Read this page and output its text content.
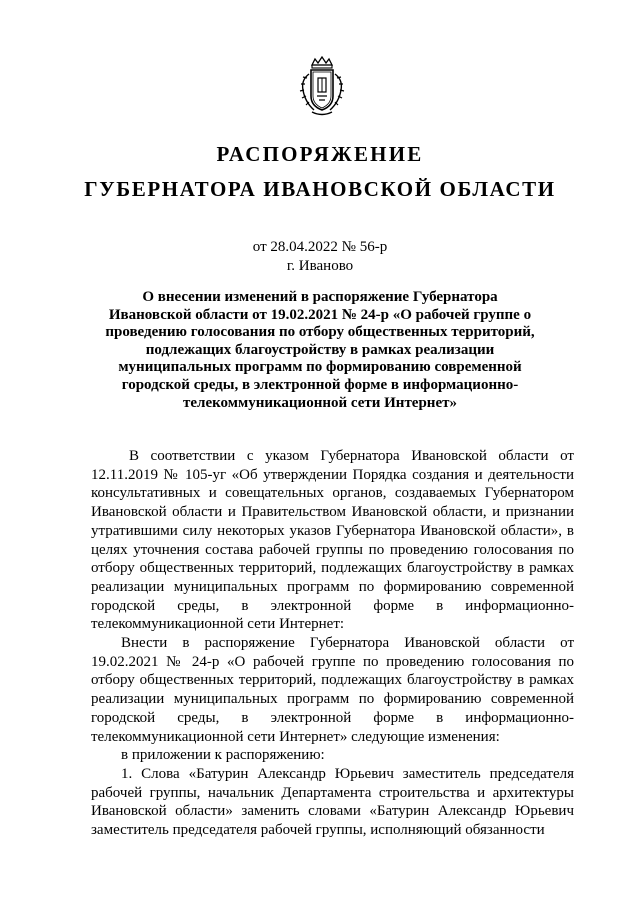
РАСПОРЯЖЕНИЕ
ГУБЕРНАТОРА ИВАНОВСКОЙ ОБЛАСТИ
от 28.04.2022 № 56-р
г. Иваново
О внесении изменений в распоряжение Губернатора Ивановской области от 19.02.2021 № 24-р «О рабочей группе о проведению голосования по отбору общественных территорий, подлежащих благоустройству в рамках реализации муниципальных программ по формированию современной городской среды, в электронной форме в информационно-телекоммуникационной сети Интернет»

В соответствии с указом Губернатора Ивановской области от 12.11.2019 № 105-уг «Об утверждении Порядка создания и деятельности консультативных и совещательных органов, создаваемых Губернатором Ивановской области и Правительством Ивановской области, и признании утратившими силу некоторых указов Губернатора Ивановской области», в целях уточнения состава рабочей группы по проведению голосования по отбору общественных территорий, подлежащих благоустройству в рамках реализации муниципальных программ по формированию современной городской среды, в электронной форме в информационно-телекоммуникационной сети Интернет:

Внести в распоряжение Губернатора Ивановской области от 19.02.2021 № 24-р «О рабочей группе по проведению голосования по отбору общественных территорий, подлежащих благоустройству в рамках реализации муниципальных программ по формированию современной городской среды, в электронной форме в информационно-телекоммуникационной сети Интернет» следующие изменения:

в приложении к распоряжению:

1. Слова «Батурин Александр Юрьевич заместитель председателя рабочей группы, начальник Департамента строительства и архитектуры Ивановской области» заменить словами «Батурин Александр Юрьевич заместитель председателя рабочей группы, исполняющий обязанности
